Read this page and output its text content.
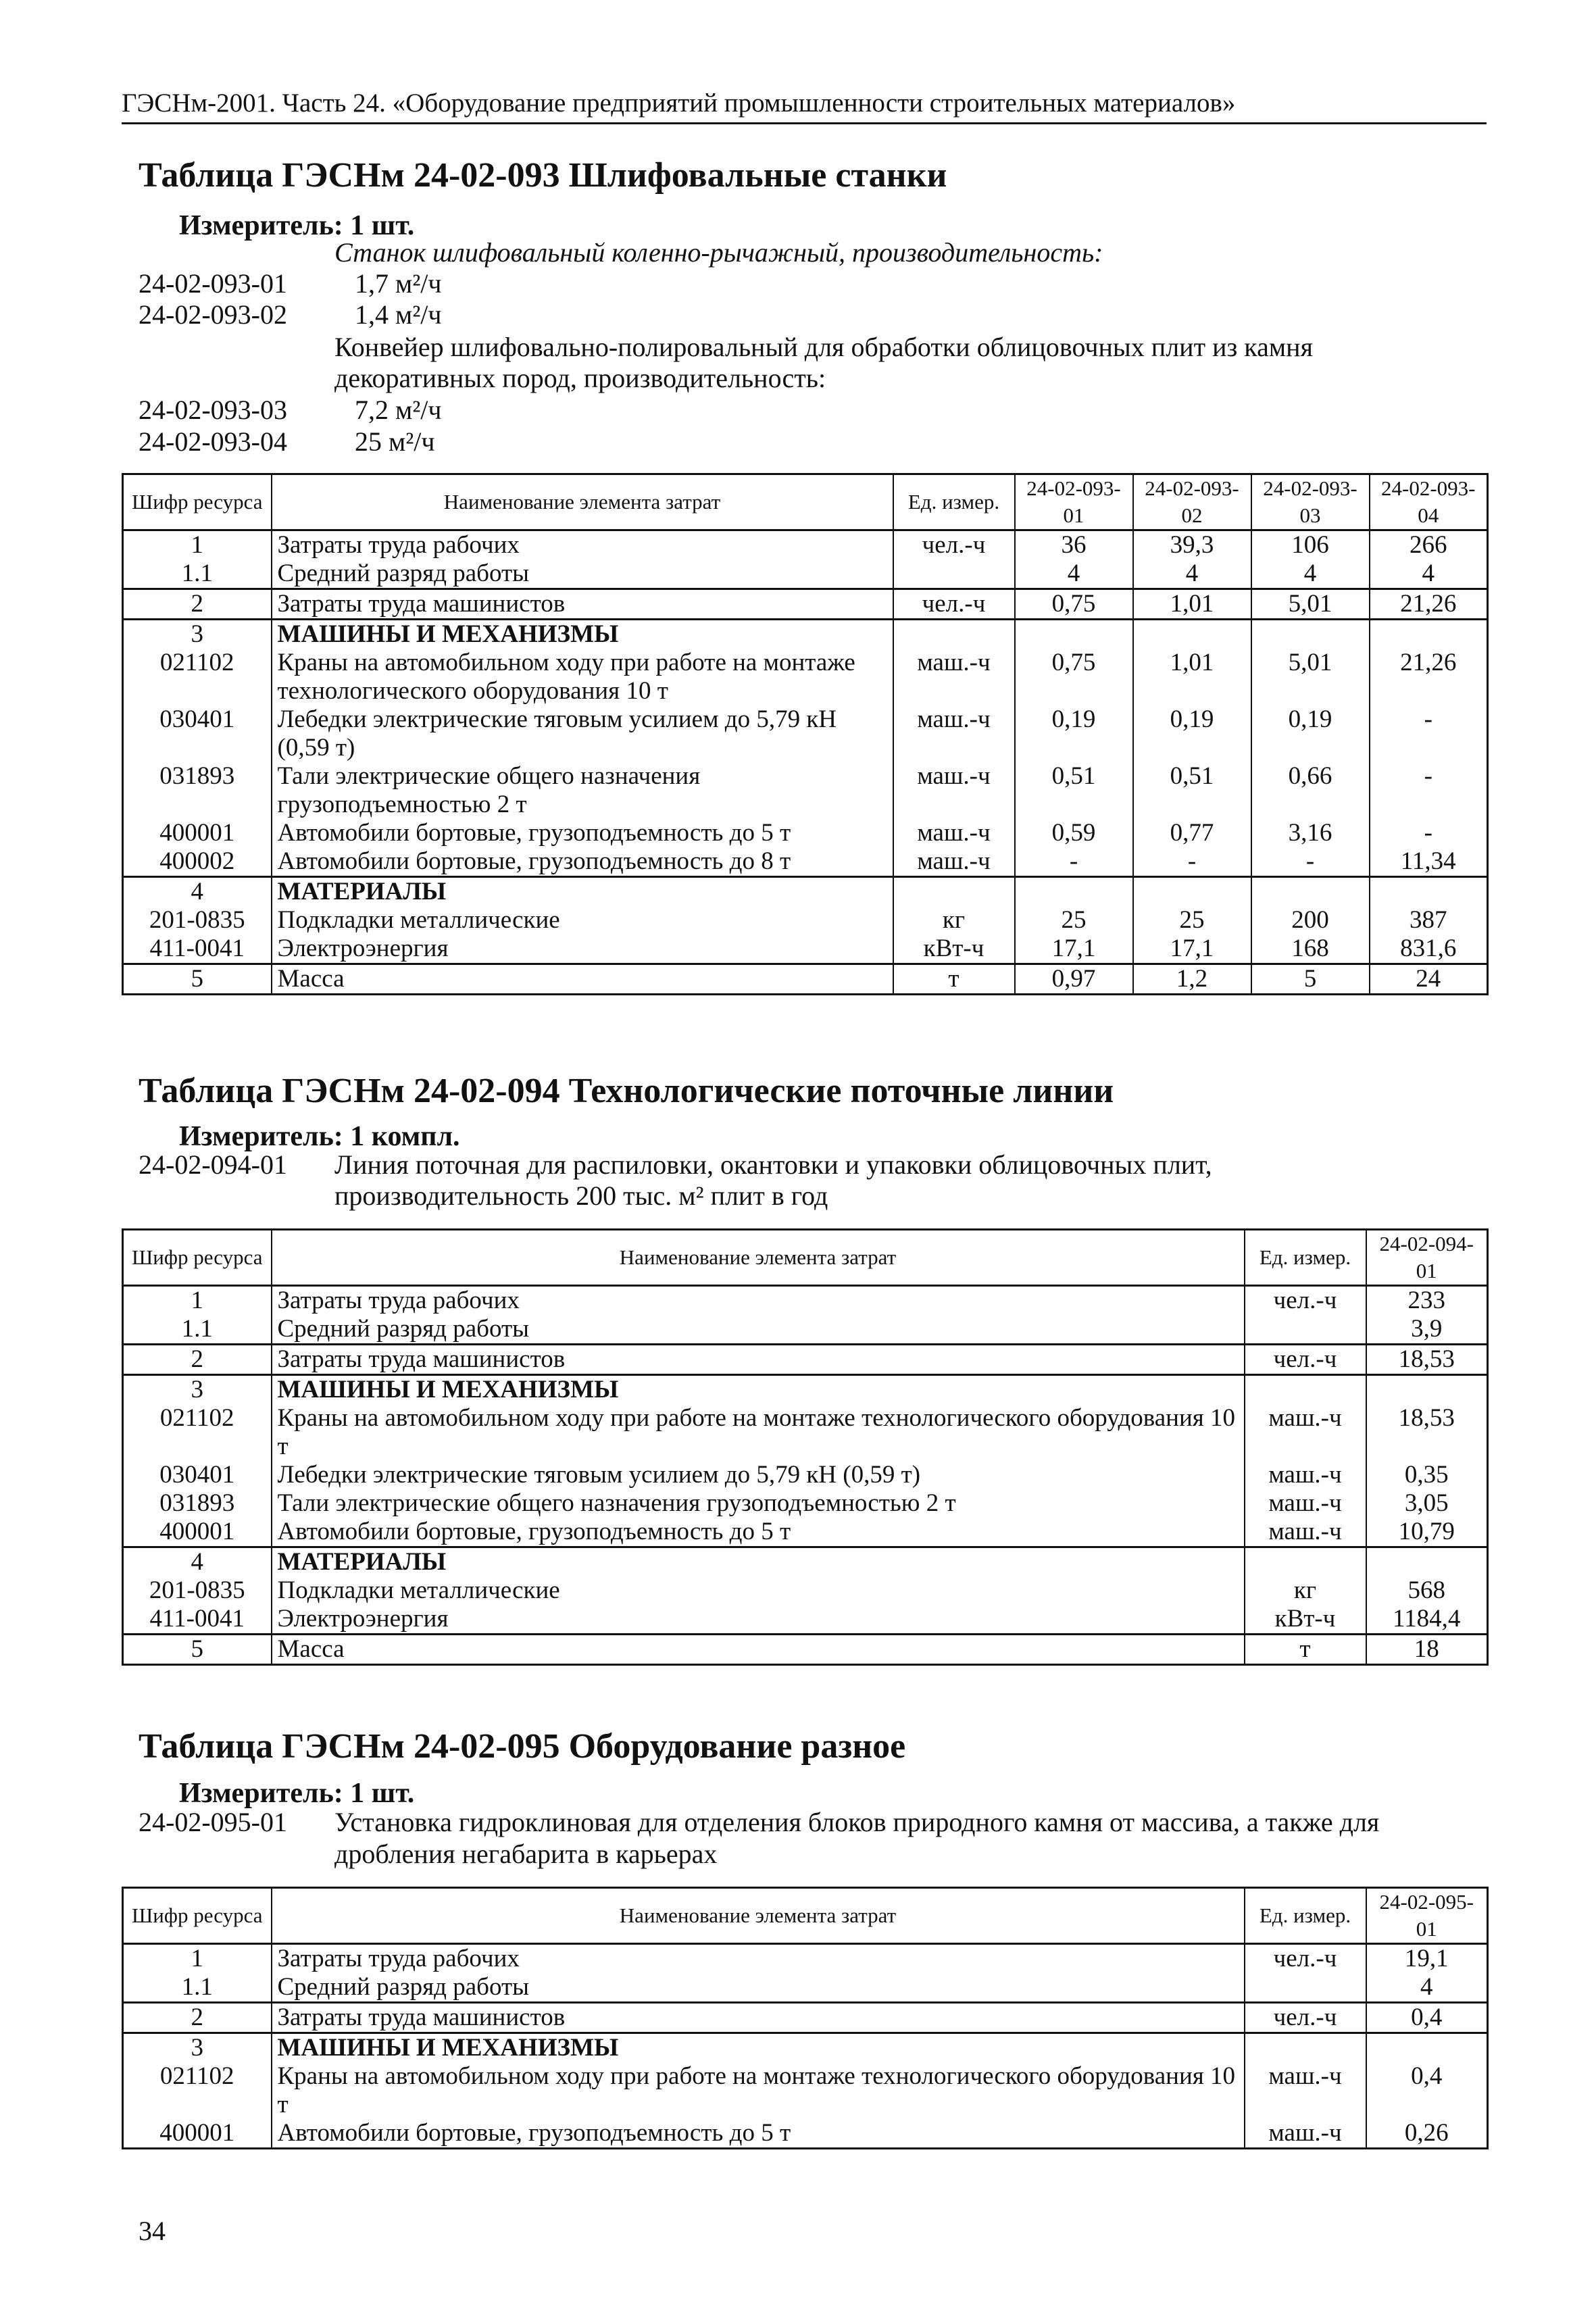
ГЭСНм-2001. Часть 24. «Оборудование предприятий промышленности строительных материалов»
Таблица ГЭСНм 24-02-093 Шлифовальные станки
Измеритель: 1 шт.
Станок шлифовальный коленно-рычажный, производительность:
24-02-093-01	1,7 м²/ч
24-02-093-02	1,4 м²/ч
Конвейер шлифовально-полировальный для обработки облицовочных плит из камня
декоративных пород, производительность:
24-02-093-03	7,2 м²/ч
24-02-093-04	25 м²/ч
Шифр ресурса	Наименование элемента затрат	Ед. измер.	24-02-093-01	24-02-093-02	24-02-093-03	24-02-093-04
1	Затраты труда рабочих	чел.-ч	36	39,3	106	266
1.1	Средний разряд работы		4	4	4	4
2	Затраты труда машинистов	чел.-ч	0,75	1,01	5,01	21,26
3	МАШИНЫ И МЕХАНИЗМЫ					
021102	Краны на автомобильном ходу при работе на монтаже технологического оборудования 10 т	маш.-ч	0,75	1,01	5,01	21,26
030401	Лебедки электрические тяговым усилием до 5,79 кН (0,59 т)	маш.-ч	0,19	0,19	0,19	-
031893	Тали электрические общего назначения грузоподъемностью 2 т	маш.-ч	0,51	0,51	0,66	-
400001	Автомобили бортовые, грузоподъемность до 5 т	маш.-ч	0,59	0,77	3,16	-
400002	Автомобили бортовые, грузоподъемность до 8 т	маш.-ч	-	-	-	11,34
4	МАТЕРИАЛЫ					
201-0835	Подкладки металлические	кг	25	25	200	387
411-0041	Электроэнергия	кВт-ч	17,1	17,1	168	831,6
5	Масса	т	0,97	1,2	5	24
Таблица ГЭСНм 24-02-094 Технологические поточные линии
Измеритель: 1 компл.
24-02-094-01 Линия поточная для распиловки, окантовки и упаковки облицовочных плит,
производительность 200 тыс. м² плит в год
Шифр ресурса	Наименование элемента затрат	Ед. измер.	24-02-094-01
1	Затраты труда рабочих	чел.-ч	233
1.1	Средний разряд работы		3,9
2	Затраты труда машинистов	чел.-ч	18,53
3	МАШИНЫ И МЕХАНИЗМЫ		
021102	Краны на автомобильном ходу при работе на монтаже технологического оборудования 10 т	маш.-ч	18,53
030401	Лебедки электрические тяговым усилием до 5,79 кН (0,59 т)	маш.-ч	0,35
031893	Тали электрические общего назначения грузоподъемностью 2 т	маш.-ч	3,05
400001	Автомобили бортовые, грузоподъемность до 5 т	маш.-ч	10,79
4	МАТЕРИАЛЫ		
201-0835	Подкладки металлические	кг	568
411-0041	Электроэнергия	кВт-ч	1184,4
5	Масса	т	18
Таблица ГЭСНм 24-02-095 Оборудование разное
Измеритель: 1 шт.
24-02-095-01 Установка гидроклиновая для отделения блоков природного камня от массива, а также для
дробления негабарита в карьерах
Шифр ресурса	Наименование элемента затрат	Ед. измер.	24-02-095-01
1	Затраты труда рабочих	чел.-ч	19,1
1.1	Средний разряд работы		4
2	Затраты труда машинистов	чел.-ч	0,4
3	МАШИНЫ И МЕХАНИЗМЫ		
021102	Краны на автомобильном ходу при работе на монтаже технологического оборудования 10 т	маш.-ч	0,4
400001	Автомобили бортовые, грузоподъемность до 5 т	маш.-ч	0,26
34
